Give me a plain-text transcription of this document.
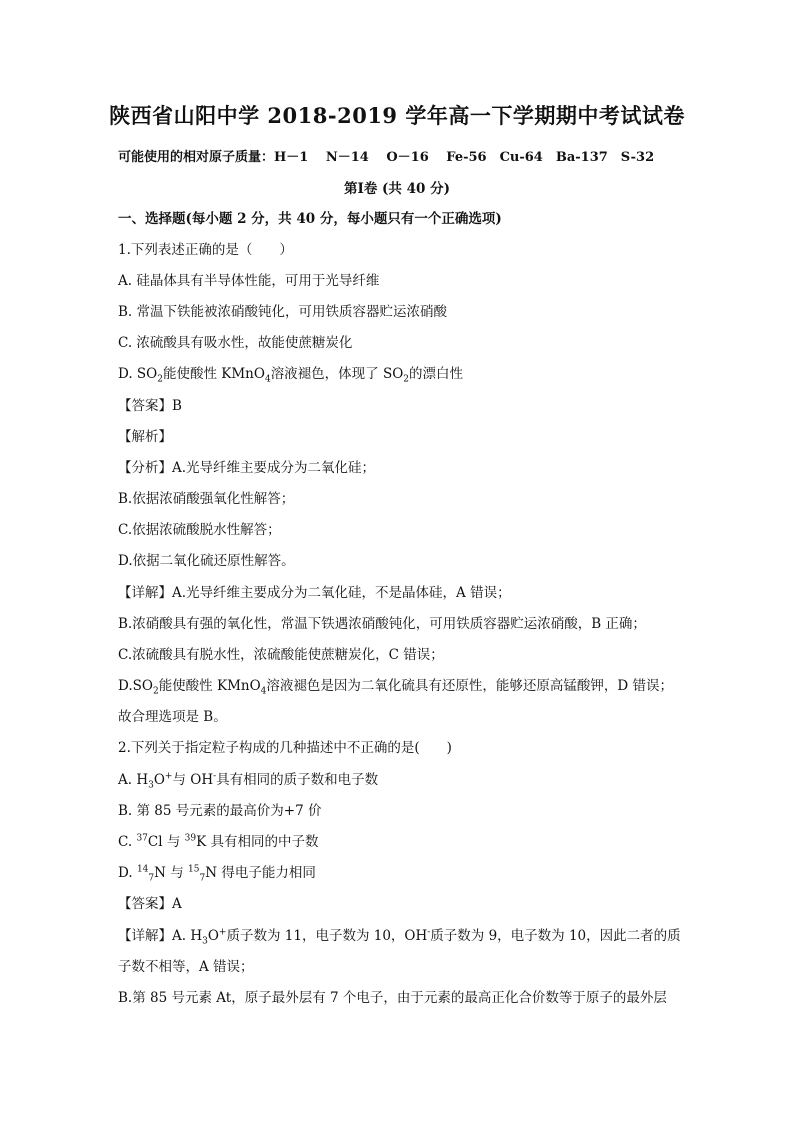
陕西省山阳中学 2018-2019 学年高一下学期期中考试试卷
可能使用的相对原子质量：H－1　 N－14　 O－16　 Fe-56　Cu-64　Ba-137　S-32
第Ⅰ卷 (共 40 分)
一、选择题(每小题 2 分，共 40 分，每小题只有一个正确选项)
1.下列表述正确的是（　　）
A. 硅晶体具有半导体性能，可用于光导纤维
B. 常温下铁能被浓硝酸钝化，可用铁质容器贮运浓硝酸
C. 浓硫酸具有吸水性，故能使蔗糖炭化
D. $SO_2$能使酸性 KMnO$_4$溶液褪色，体现了 $SO_2$的漂白性
【答案】B
【解析】
【分析】A.光导纤维主要成分为二氧化硅；
B.依据浓硝酸强氧化性解答；
C.依据浓硫酸脱水性解答；
D.依据二氧化硫还原性解答。
【详解】A.光导纤维主要成分为二氧化硅，不是晶体硅，A 错误；
B.浓硝酸具有强的氧化性，常温下铁遇浓硝酸钝化，可用铁质容器贮运浓硝酸，B 正确；
C.浓硫酸具有脱水性，浓硫酸能使蔗糖炭化，C 错误；
$D.SO_2$能使酸性 KMnO$_4$溶液褪色是因为二氧化硫具有还原性，能够还原高锰酸钾，D 错误；
故合理选项是 B。
2.下列关于指定粒子构成的几种描述中不正确的是(　　)
A. $H_3O^+$与 OH-具有相同的质子数和电子数
B. 第 85 号元素的最高价为+7 价
C. $^{37}$Cl 与 $^{39}$K 具有相同的中子数
D. $^{14}_7$N 与 $^{15}_7$N 得电子能力相同
【答案】A
【详解】A. $H_3O^+$质子数为 11，电子数为 10，OH-质子数为 9，电子数为 10，因此二者的质
子数不相等，A 错误；
B.第 85 号元素 At，原子最外层有 7 个电子，由于元素的最高正化合价数等于原子的最外层
